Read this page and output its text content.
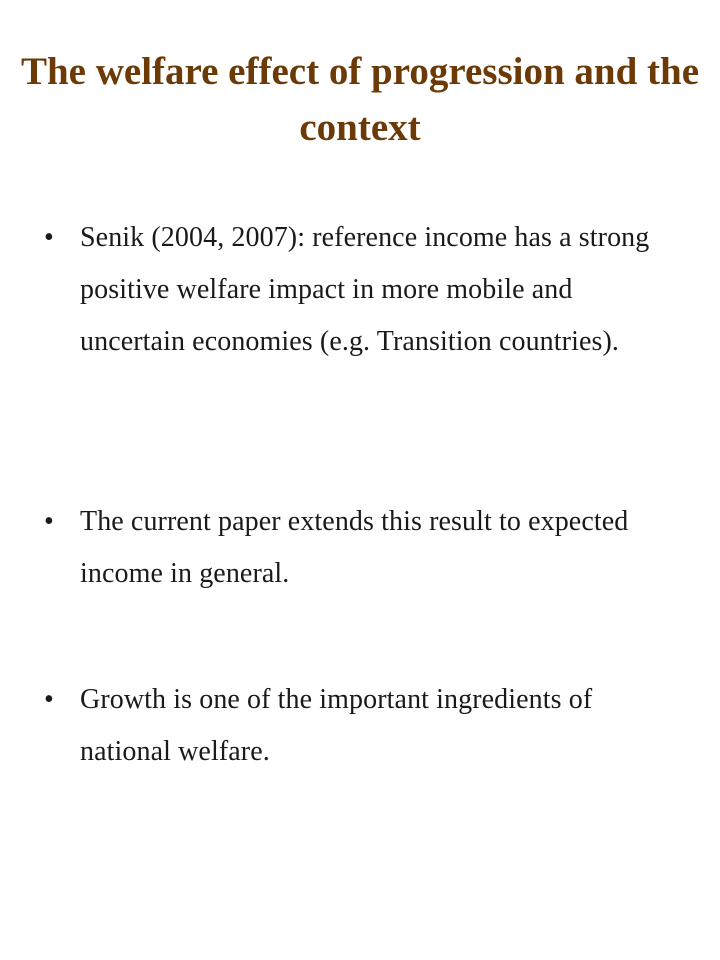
The welfare effect of progression and the context
• Senik (2004, 2007): reference income has a strong positive welfare impact in more mobile and uncertain economies (e.g. Transition countries).
• The current paper extends this result to expected income in general.
• Growth is one of the important ingredients of national welfare.
